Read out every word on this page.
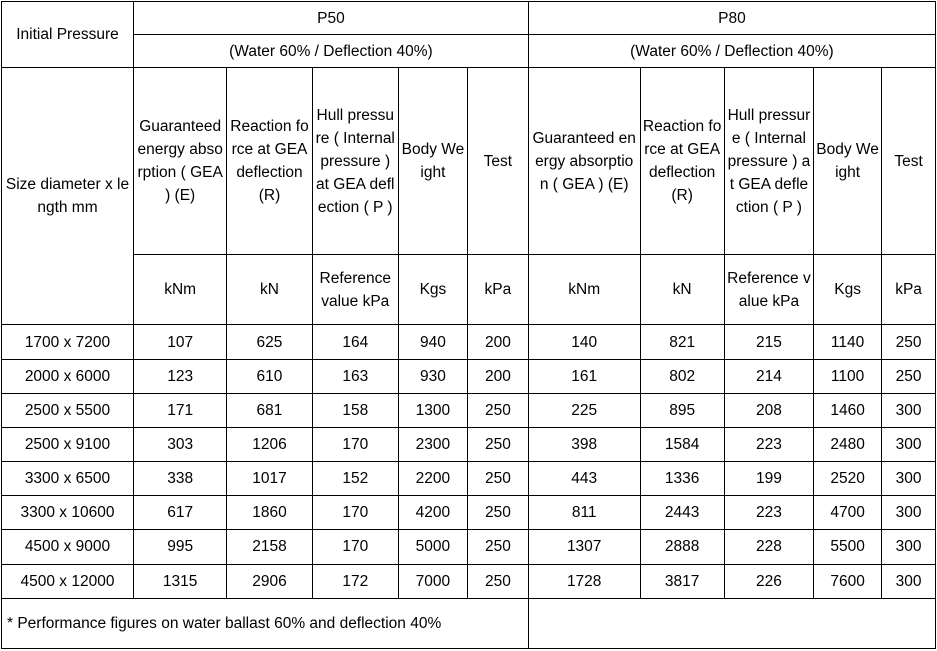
Initial Pressure	P50					P80				
	(Water 60% / Deflection 40%)					(Water 60% / Deflection 40%)				
Size diameter x length mm	Guaranteed energy absorption ( GEA ) (E)	Reaction force at GEA deflection (R)	Hull pressure ( Internal pressure ) at GEA deflection ( P )	Body Weight	Test	Guaranteed energy absorption ( GEA ) (E)	Reaction force at GEA deflection (R)	Hull pressure ( Internal pressure ) at GEA deflection ( P )	Body Weight	Test
	kNm	kN	Reference value kPa	Kgs	kPa	kNm	kN	Reference value kPa	Kgs	kPa
1700 x 7200	107	625	164	940	200	140	821	215	1140	250
2000 x 6000	123	610	163	930	200	161	802	214	1100	250
2500 x 5500	171	681	158	1300	250	225	895	208	1460	300
2500 x 9100	303	1206	170	2300	250	398	1584	223	2480	300
3300 x 6500	338	1017	152	2200	250	443	1336	199	2520	300
3300 x 10600	617	1860	170	4200	250	811	2443	223	4700	300
4500 x 9000	995	2158	170	5000	250	1307	2888	228	5500	300
4500 x 12000	1315	2906	172	7000	250	1728	3817	226	7600	300
* Performance figures on water ballast 60% and deflection 40%										
